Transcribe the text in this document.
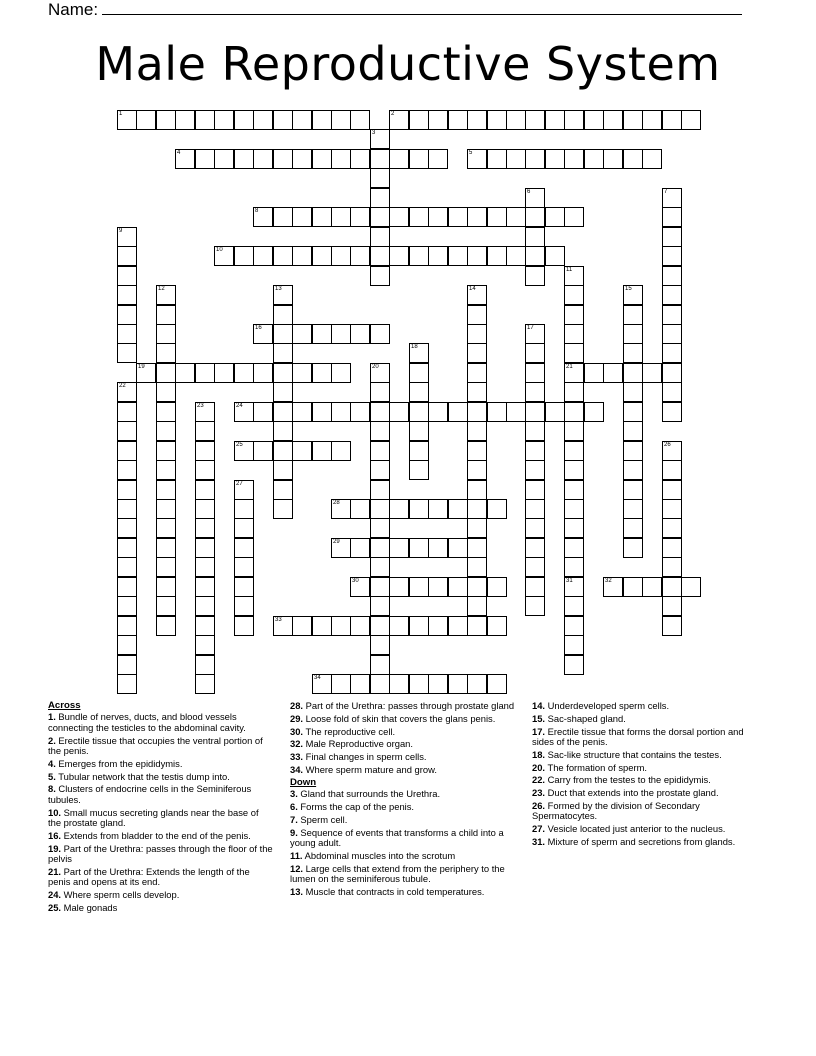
Name:
Male Reproductive System
1	2
3
4	5
6	7
8
9
10
11
21
31
12	13	14	15
16	17
18
19	20
22
23	24
25	26
27
28
29
30	32
33
34
Across
1. Bundle of nerves, ducts, and blood vessels connecting the testicles to the abdominal cavity.
2. Erectile tissue that occupies the ventral portion of the penis.
4. Emerges from the epididymis.
5. Tubular network that the testis dump into.
8. Clusters of endocrine cells in the Seminiferous tubules.
10. Small mucus secreting glands near the base of the prostate gland.
16. Extends from bladder to the end of the penis.
19. Part of the Urethra: passes through the floor of the pelvis
21. Part of the Urethra: Extends the length of the penis and opens at its end.
24. Where sperm cells develop.
25. Male gonads
28. Part of the Urethra: passes through prostate gland
29. Loose fold of skin that covers the glans penis.
30. The reproductive cell.
32. Male Reproductive organ.
33. Final changes in sperm cells.
34. Where sperm mature and grow.
Down
3. Gland that surrounds the Urethra.
6. Forms the cap of the penis.
7. Sperm cell.
9. Sequence of events that transforms a child into a young adult.
11. Abdominal muscles into the scrotum
12. Large cells that extend from the periphery to the lumen on the seminiferous tubule.
13. Muscle that contracts in cold temperatures.
14. Underdeveloped sperm cells.
15. Sac-shaped gland.
17. Erectile tissue that forms the dorsal portion and sides of the penis.
18. Sac-like structure that contains the testes.
20. The formation of sperm.
22. Carry from the testes to the epididymis.
23. Duct that extends into the prostate gland.
26. Formed by the division of Secondary Spermatocytes.
27. Vesicle located just anterior to the nucleus.
31. Mixture of sperm and secretions from glands.
